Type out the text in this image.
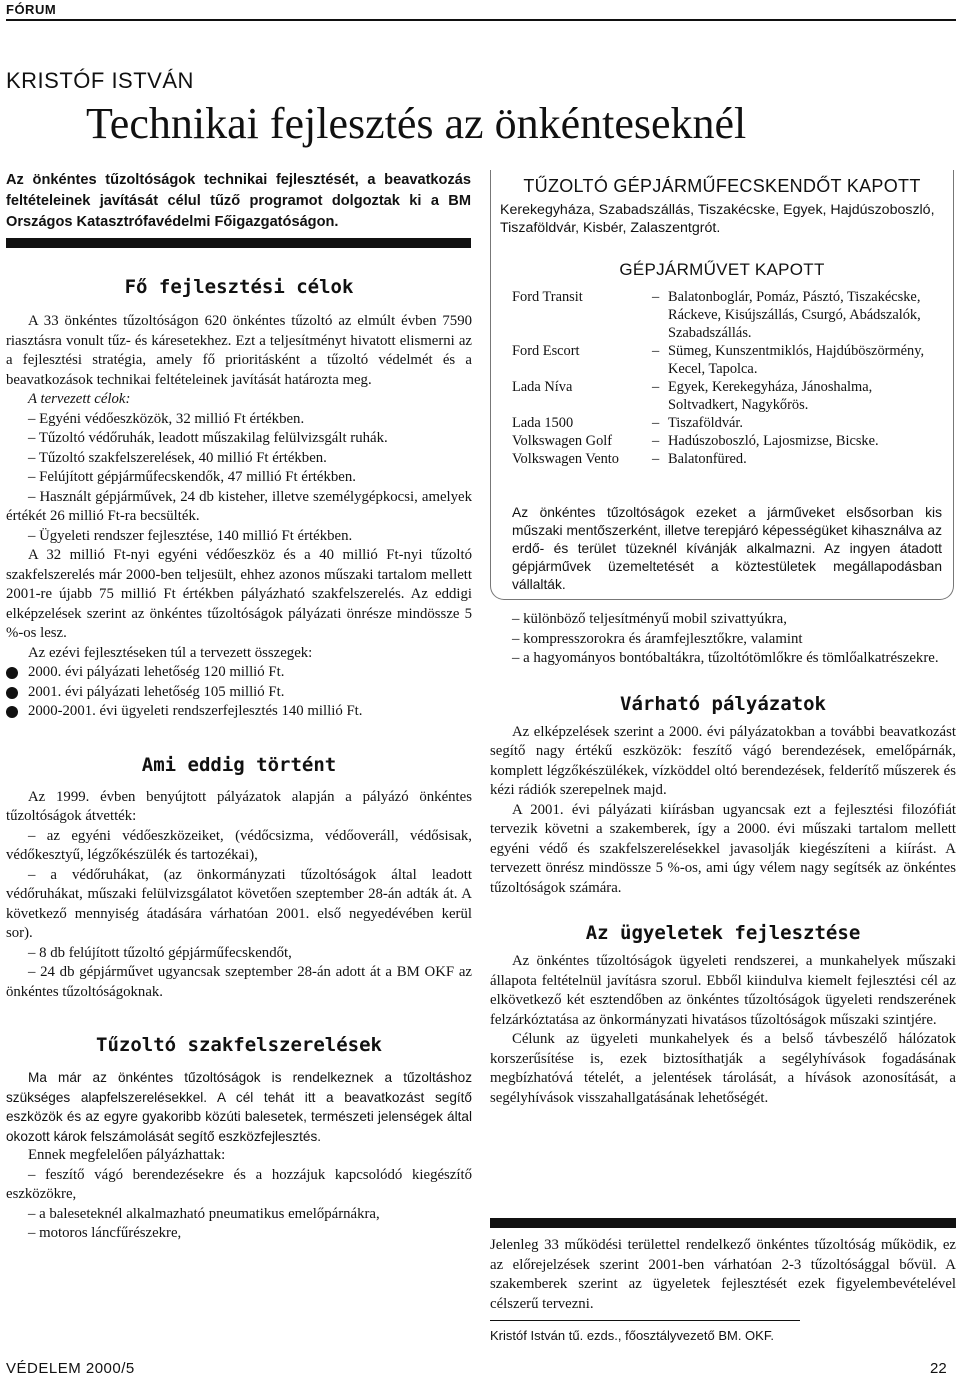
FÓRUM
KRISTÓF ISTVÁN
Technikai fejlesztés az önkénteseknél
Az önkéntes tűzoltóságok technikai fejlesztését, a beavatkozás feltételeinek javítását célul tűző programot dolgoztak ki a BM Országos Katasztrófavédelmi Főigazgatóságon.
Fő fejlesztési célok

A 33 önkéntes tűzoltóságon 620 önkéntes tűzoltó az elmúlt évben 7590 riasztásra vonult tűz- és káresetekhez. Ezt a teljesítményt hivatott elismerni az a fejlesztési stratégia, amely fő prioritásként a tűzoltó védelmét és a beavatkozások technikai feltételeinek javítását határozta meg.

A tervezett célok:

– Egyéni védőeszközök, 32 millió Ft értékben.

– Tűzoltó védőruhák, leadott műszakilag felülvizsgált ruhák.

– Tűzoltó szakfelszerelések, 40 millió Ft értékben.

– Felújított gépjárműfecskendők, 47 millió Ft értékben.

– Használt gépjárművek, 24 db kisteher, illetve személygépkocsi, amelyek értékét 26 millió Ft-ra becsülték.

– Ügyeleti rendszer fejlesztése, 140 millió Ft értékben.

A 32 millió Ft-nyi egyéni védőeszköz és a 40 millió Ft-nyi tűzoltó szakfelszerelés már 2000-ben teljesült, ehhez azonos műszaki tartalom mellett 2001-re újabb 75 millió Ft értékben pályázható szakfelszerelés. Az eddigi elképzelések szerint az önkéntes tűzoltóságok pályázati önrésze mindössze 5 %-os lesz.

Az ezévi fejlesztéseken túl a tervezett összegek:

2000. évi pályázati lehetőség 120 millió Ft.
2001. évi pályázati lehetőség 105 millió Ft.
2000-2001. évi ügyeleti rendszerfejlesztés 140 millió Ft.
Ami eddig történt

Az 1999. évben benyújtott pályázatok alapján a pályázó önkéntes tűzoltóságok átvették:

– az egyéni védőeszközeiket, (védőcsizma, védőoveráll, védősisak, védőkesztyű, légzőkészülék és tartozékai),

– a védőruhákat, (az önkormányzati tűzoltóságok által leadott védőruhákat, műszaki felülvizsgálatot követően szeptember 28-án adták át. A következő mennyiség átadására várhatóan 2001. első negyedévében kerül sor).

– 8 db felújított tűzoltó gépjárműfecskendőt,

– 24 db gépjárművet ugyancsak szeptember 28-án adott át a BM OKF az önkéntes tűzoltóságoknak.

Tűzoltó szakfelszerelések

Ma már az önkéntes tűzoltóságok is rendelkeznek a tűzoltáshoz szükséges alapfelszerelésekkel. A cél tehát itt a beavatkozást segítő eszközök és az egyre gyakoribb közúti balesetek, természeti jelenségek által okozott károk felszámolását segítő eszközfejlesztés.

Ennek megfelelően pályázhattak:

– feszítő vágó berendezésekre és a hozzájuk kapcsolódó kiegészítő eszközökre,

– a baleseteknél alkalmazható pneumatikus emelőpárnákra,

– motoros láncfűrészekre,

TŰZOLTÓ GÉPJÁRMŰFECSKENDŐT KAPOTT
Kerekegyháza, Szabadszállás, Tiszakécske, Egyek, Hajdúszoboszló, Tiszaföldvár, Kisbér, Zalaszentgrót.
GÉPJÁRMŰVET KAPOTT
Ford Transit	– Balatonboglár, Pomáz, Pásztó, Tiszakécske, Ráckeve, Kisújszállás, Csurgó, Abádszalók, Szabadszállás.
Ford Escort	– Sümeg, Kunszentmiklós, Hajdúböszörmény, Kecel, Tapolca.
Lada Níva	– Egyek, Kerekegyháza, Jánoshalma, Soltvadkert, Nagykőrös.
Lada 1500	– Tiszaföldvár.
Volkswagen Golf	– Hadúszoboszló, Lajosmizse, Bicske.
Volkswagen Vento	– Balatonfüred.
Az önkéntes tűzoltóságok ezeket a járműveket elsősorban kis műszaki mentőszerként, illetve terepjáró képességüket kihasználva az erdő- és terület tüzeknél kívánják alkalmazni. Az ingyen átadott gépjárművek üzemeltetését a köztestületek megállapodásban vállalták.

– különböző teljesítményű mobil szivattyúkra,

– kompresszorokra és áramfejlesztőkre, valamint

– a hagyományos bontóbaltákra, tűzoltótömlőkre és tömlőalkatrészekre.

Várható pályázatok

Az elképzelések szerint a 2000. évi pályázatokban a további beavatkozást segítő nagy értékű eszközök: feszítő vágó berendezések, emelőpárnák, komplett légzőkészülékek, vízköddel oltó berendezések, felderítő műszerek és kézi rádiók szerepelnek majd.

A 2001. évi pályázati kiírásban ugyancsak ezt a fejlesztési filozófiát tervezik követni a szakemberek, így a 2000. évi műszaki tartalom mellett egyéni védő és szakfelszerelésekkel javasolják kiegészíteni a kiírást. A tervezett önrész mindössze 5 %-os, ami úgy vélem nagy segítsék az önkéntes tűzoltóságok számára.

Az ügyeletek fejlesztése

Az önkéntes tűzoltóságok ügyeleti rendszerei, a munkahelyek műszaki állapota feltételnül javításra szorul. Ebből kiindulva kiemelt fejlesztési cél az elkövetkező két esztendőben az önkéntes tűzoltóságok ügyeleti rendszerének felzárkóztatása az önkormányzati hivatásos tűzoltóságok műszaki szintjére.

Célunk az ügyeleti munkahelyek és a belső távbeszélő hálózatok korszerűsítése is, ezek biztosíthatják a segélyhívások fogadásának megbízhatóvá tételét, a jelentések tárolását, a hívások azonosítását, a segélyhívások visszahallgatásának lehetőségét.

Jelenleg 33 működési területtel rendelkező önkéntes tűzoltóság működik, ez az előrejelzések szerint 2001-ben várhatóan 2-3 tűzoltósággal bővül. A szakemberek szerint az ügyeletek fejlesztését ezek figyelembevételével célszerű tervezni.

Kristóf István tű. ezds., főosztályvezető BM. OKF.
VÉDELEM 2000/5	22
